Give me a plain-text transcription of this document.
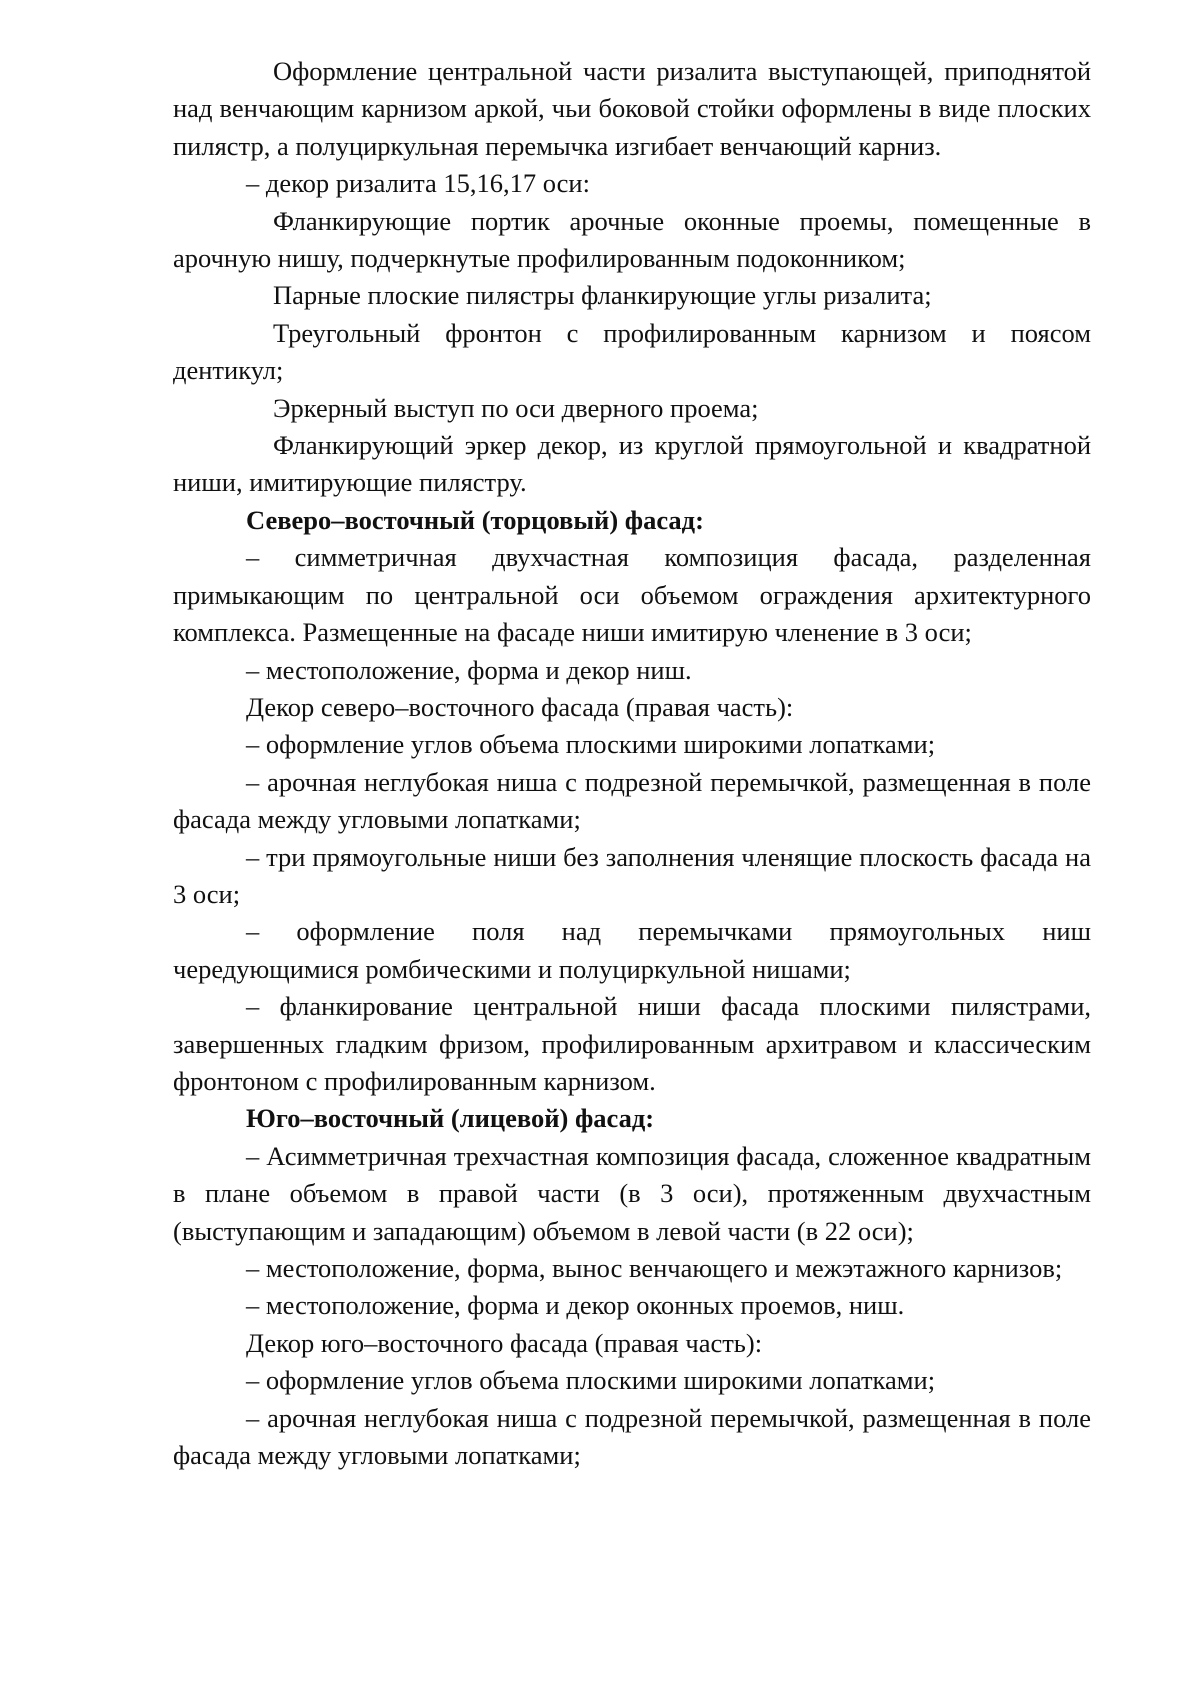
Оформление центральной части ризалита выступающей, приподнятой над венчающим карнизом аркой, чьи боковой стойки оформлены в виде плоских пилястр, а полуциркульная перемычка изгибает венчающий карниз.

– декор ризалита 15,16,17 оси:

Фланкирующие портик арочные оконные проемы, помещенные в арочную нишу, подчеркнутые профилированным подоконником;

Парные плоские пилястры фланкирующие углы ризалита;

Треугольный фронтон с профилированным карнизом и поясом дентикул;

Эркерный выступ по оси дверного проема;

Фланкирующий эркер декор, из круглой прямоугольной и квадратной ниши, имитирующие пилястру.

Северо–восточный (торцовый) фасад:

– симметричная двухчастная композиция фасада, разделенная примыкающим по центральной оси объемом ограждения архитектурного комплекса. Размещенные на фасаде ниши имитирую членение в 3 оси;

– местоположение, форма и декор ниш.

Декор северо–восточного фасада (правая часть):

– оформление углов объема плоскими широкими лопатками;

– арочная неглубокая ниша с подрезной перемычкой, размещенная в поле фасада между угловыми лопатками;

– три прямоугольные ниши без заполнения членящие плоскость фасада на 3 оси;

– оформление поля над перемычками прямоугольных ниш чередующимися ромбическими и полуциркульной нишами;

– фланкирование центральной ниши фасада плоскими пилястрами, завершенных гладким фризом, профилированным архитравом и классическим фронтоном с профилированным карнизом.

Юго–восточный (лицевой) фасад:

– Асимметричная трехчастная композиция фасада, сложенное квадратным в плане объемом в правой части (в 3 оси), протяженным двухчастным (выступающим и западающим) объемом в левой части (в 22 оси);

– местоположение, форма, вынос венчающего и межэтажного карнизов;

– местоположение, форма и декор оконных проемов, ниш.

Декор юго–восточного фасада (правая часть):

– оформление углов объема плоскими широкими лопатками;

– арочная неглубокая ниша с подрезной перемычкой, размещенная в поле фасада между угловыми лопатками;
